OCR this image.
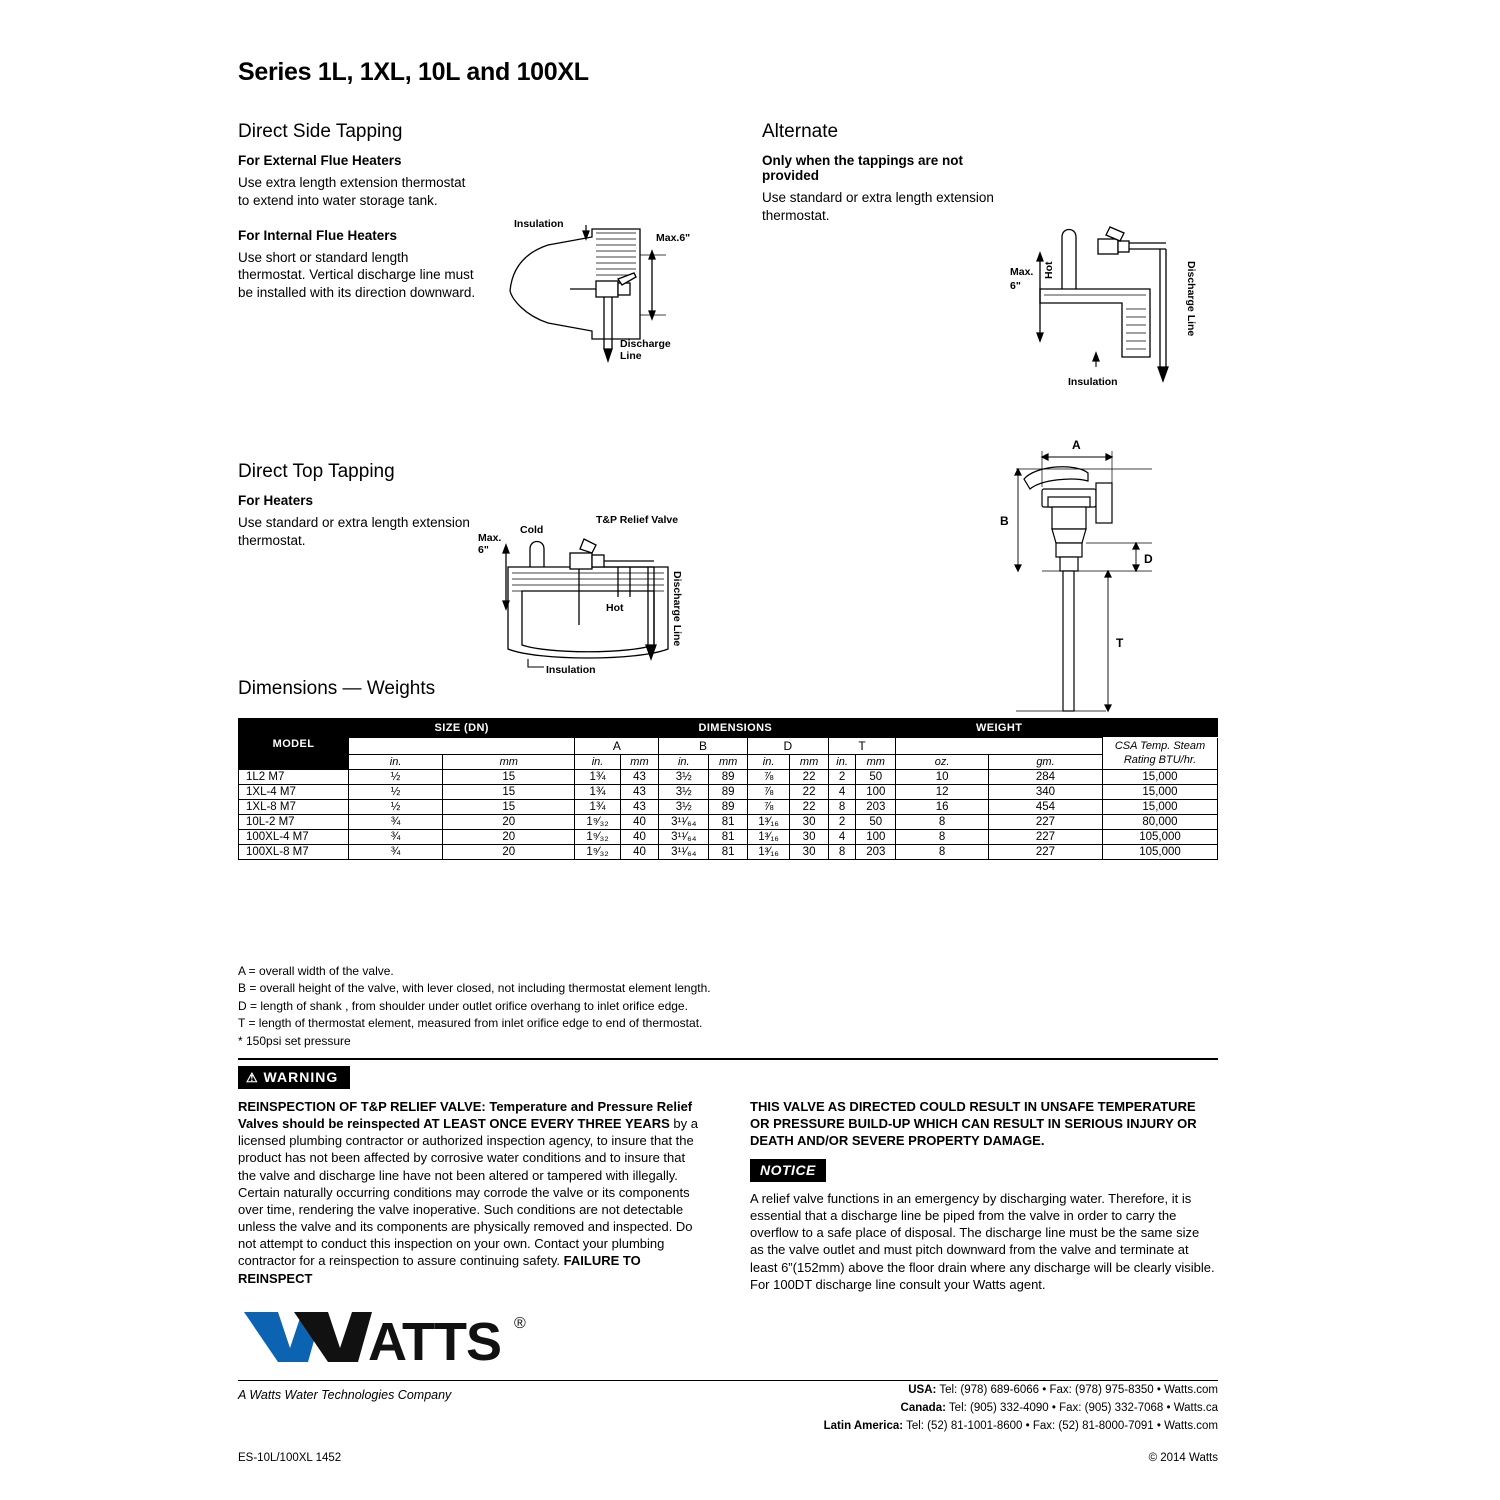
Series 1L, 1XL, 10L and 100XL
Direct Side Tapping
For External Flue Heaters
Use extra length extension thermostat to extend into water storage tank.
For Internal Flue Heaters
Use short or standard length thermostat. Vertical discharge line must be installed with its direction downward.
Insulation
Max.6"
Discharge
Line
Direct Top Tapping
For Heaters
Use standard or extra length extension thermostat.
Cold
T&P Relief Valve
Hot
Max.
6"
Insulation
Discharge Line
Alternate
Only when the tappings are not provided
Use standard or extra length extension thermostat.
Hot
Max.
6"	Discharge Line
Insulation
A
B
D
T
Dimensions — Weights
MODEL	SIZE (DN)		DIMENSIONS								WEIGHT		
			A		B		D		T				CSA Temp. Steam Rating BTU/hr.
	in.	mm	in.	mm	in.	mm	in.	mm	in.	mm	oz.	gm.	
1L2 M7	½	15	1¾	43	3½	89	⅞	22	2	50	10	284	15,000
1XL-4 M7	½	15	1¾	43	3½	89	⅞	22	4	100	12	340	15,000
1XL-8 M7	½	15	1¾	43	3½	89	⅞	22	8	203	16	454	15,000
10L-2 M7	¾	20	1⁹⁄₃₂	40	3¹¹⁄₆₄	81	1³⁄₁₆	30	2	50	8	227	80,000
100XL-4 M7	¾	20	1⁹⁄₃₂	40	3¹¹⁄₆₄	81	1³⁄₁₆	30	4	100	8	227	105,000
100XL-8 M7	¾	20	1⁹⁄₃₂	40	3¹¹⁄₆₄	81	1³⁄₁₆	30	8	203	8	227	105,000
A = overall width of the valve.
B = overall height of the valve, with lever closed, not including thermostat element length.
D = length of shank , from shoulder under outlet orifice overhang to inlet orifice edge.
T = length of thermostat element, measured from inlet orifice edge to end of thermostat.
* 150psi set pressure
⚠ WARNING
REINSPECTION OF T&P RELIEF VALVE: Temperature and Pressure Relief Valves should be reinspected AT LEAST ONCE EVERY THREE YEARS by a licensed plumbing contractor or authorized inspection agency, to insure that the product has not been affected by corrosive water conditions and to insure that the valve and discharge line have not been altered or tampered with illegally. Certain naturally occurring conditions may corrode the valve or its components over time, rendering the valve inoperative. Such conditions are not detectable unless the valve and its components are physically removed and inspected. Do not attempt to conduct this inspection on your own. Contact your plumbing contractor for a reinspection to assure continuing safety. FAILURE TO REINSPECT
THIS VALVE AS DIRECTED COULD RESULT IN UNSAFE TEMPERATURE OR PRESSURE BUILD-UP WHICH CAN RESULT IN SERIOUS INJURY OR DEATH AND/OR SEVERE PROPERTY DAMAGE.
NOTICE
A relief valve functions in an emergency by discharging water. Therefore, it is essential that a discharge line be piped from the valve in order to carry the overflow to a safe place of disposal. The discharge line must be the same size as the valve outlet and must pitch downward from the valve and terminate at least 6”(152mm) above the floor drain where any discharge will be clearly visible. For 100DT discharge line consult your Watts agent.
ATTS ®
A Watts Water Technologies Company	USA: Tel: (978) 689-6066 • Fax: (978) 975-8350 • Watts.com
Canada: Tel: (905) 332-4090 • Fax: (905) 332-7068 • Watts.ca
Latin America: Tel: (52) 81-1001-8600 • Fax: (52) 81-8000-7091 • Watts.com
ES-10L/100XL 1452	© 2014 Watts
